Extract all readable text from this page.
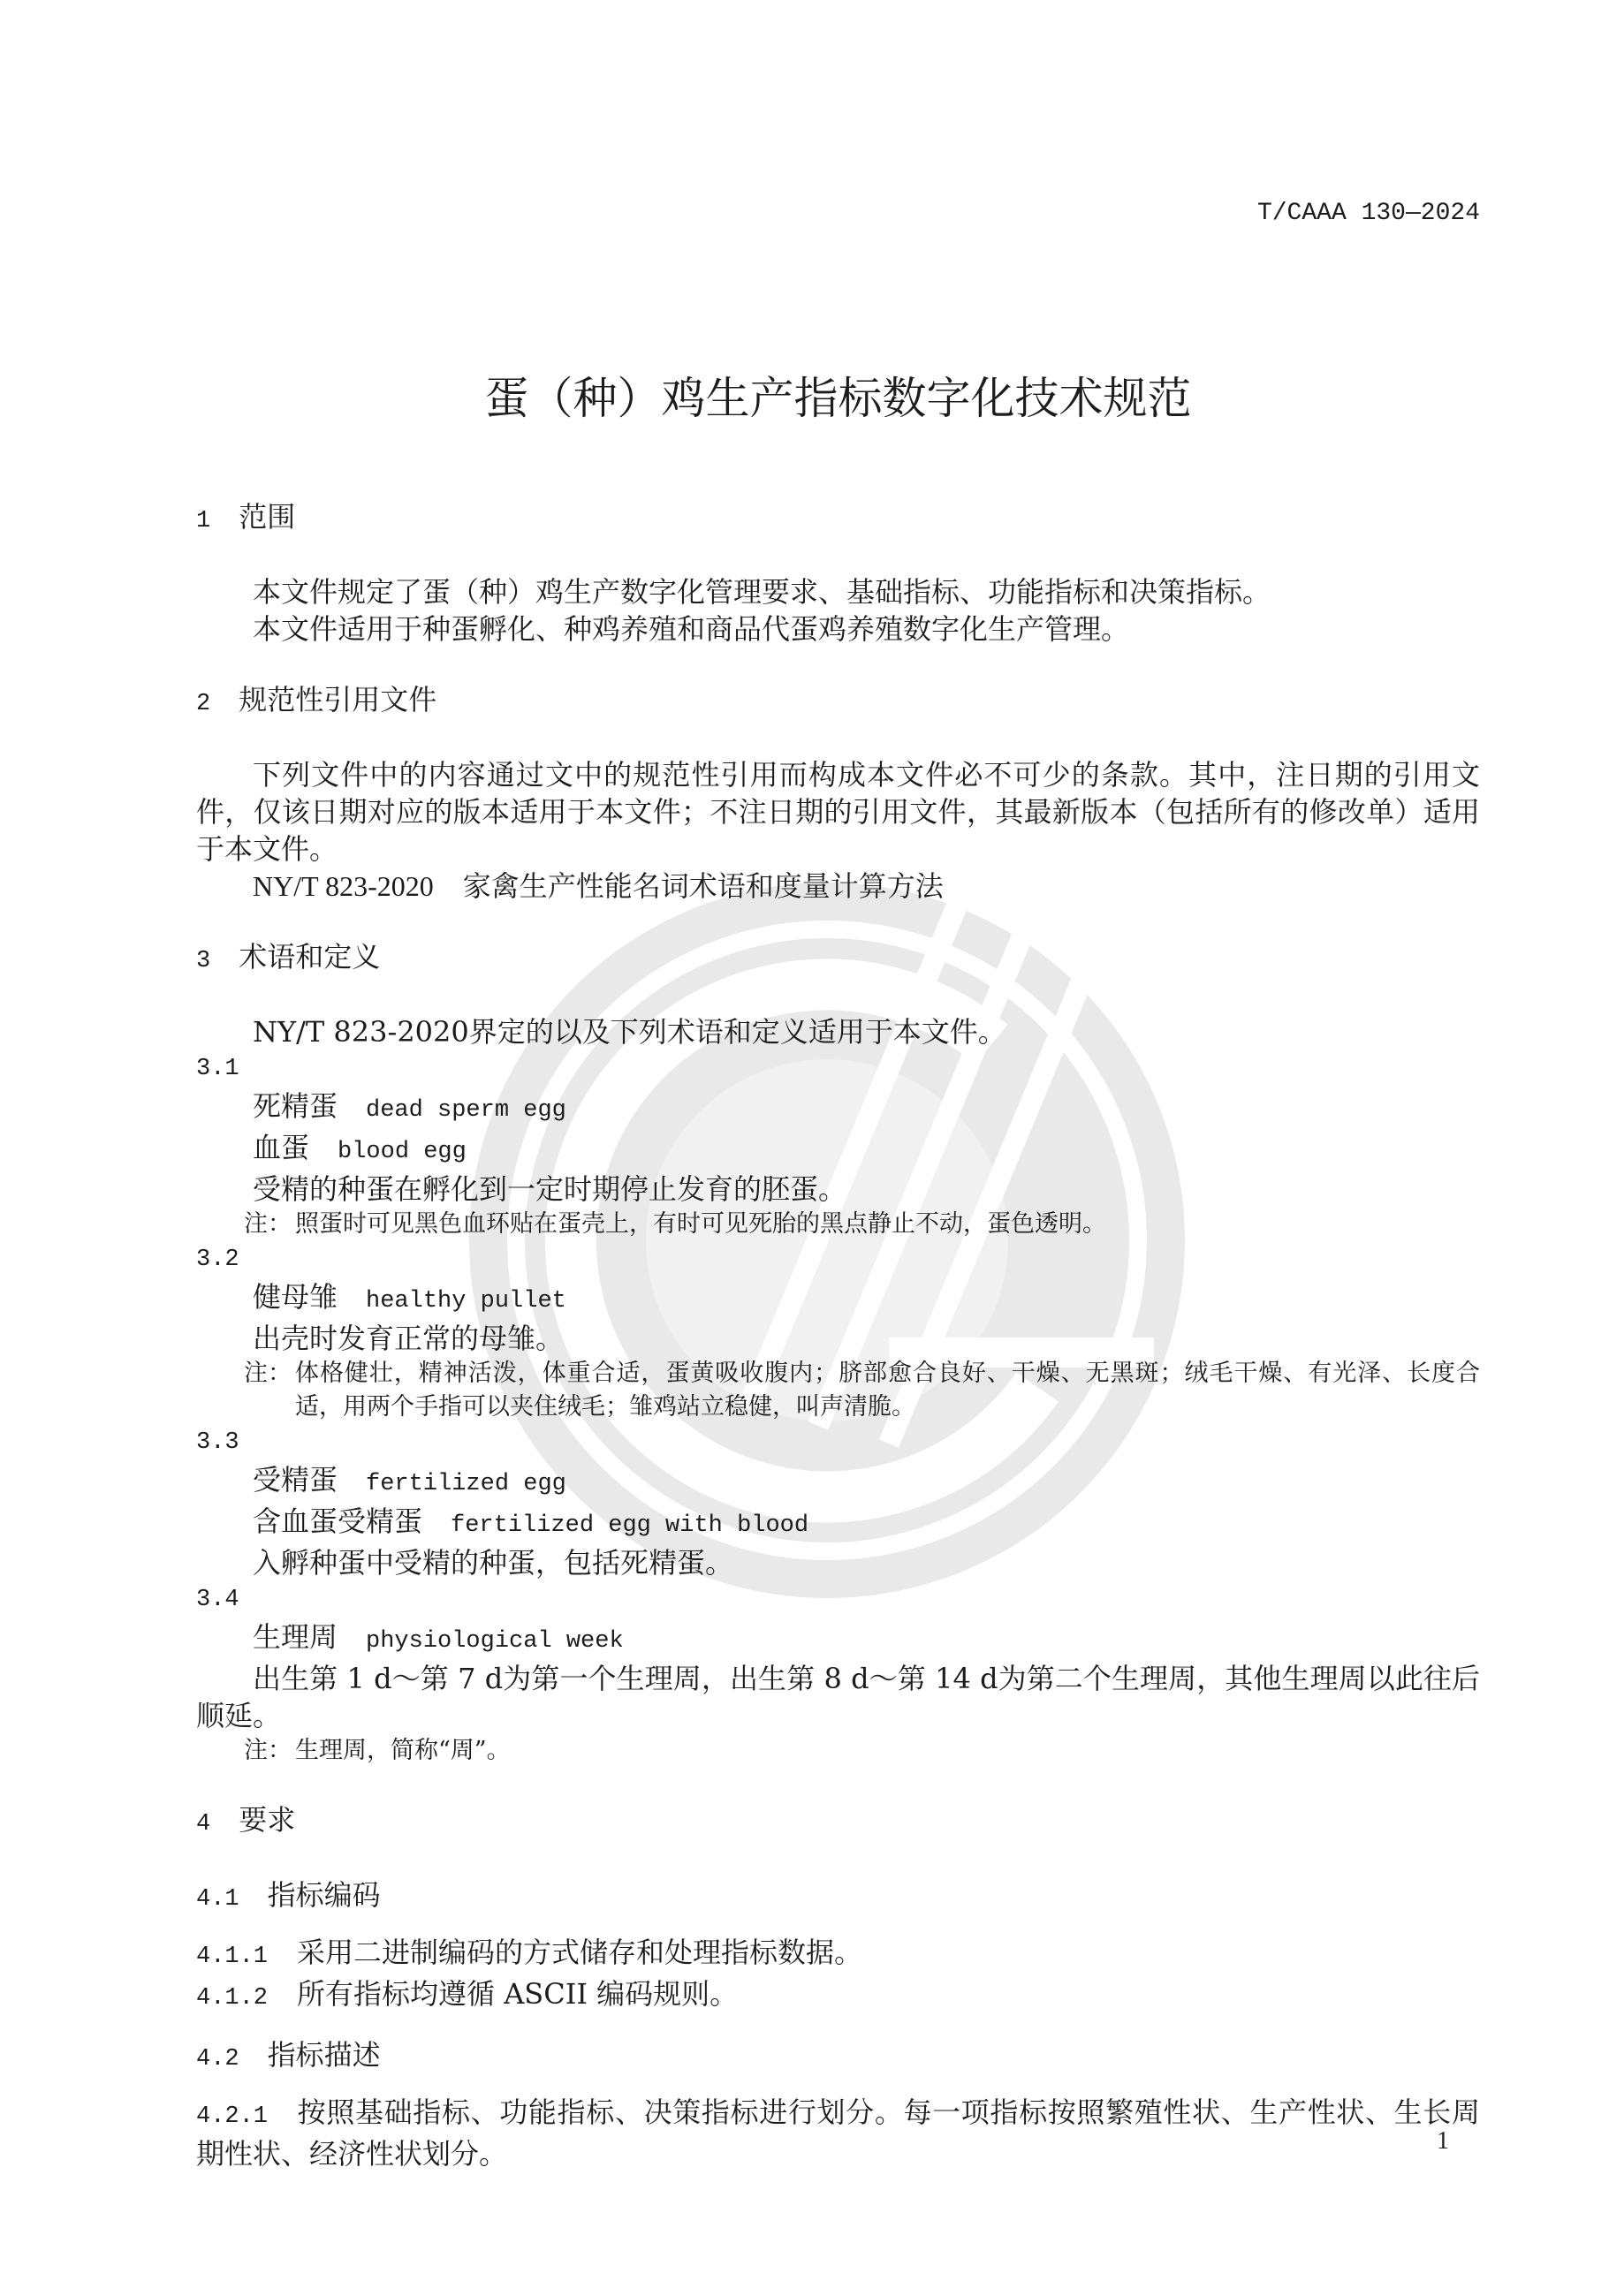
T/CAAA 130—2024
蛋（种）鸡生产指标数字化技术规范
1 范围

本文件规定了蛋（种）鸡生产数字化管理要求、基础指标、功能指标和决策指标。

本文件适用于种蛋孵化、种鸡养殖和商品代蛋鸡养殖数字化生产管理。

2 规范性引用文件

下列文件中的内容通过文中的规范性引用而构成本文件必不可少的条款。其中，注日期的引用文件，仅该日期对应的版本适用于本文件；不注日期的引用文件，其最新版本（包括所有的修改单）适用于本文件。

NY/T 823-2020 家禽生产性能名词术语和度量计算方法

3 术语和定义

NY/T 823-2020界定的以及下列术语和定义适用于本文件。

3.1

死精蛋 dead sperm egg

血蛋 blood egg

受精的种蛋在孵化到一定时期停止发育的胚蛋。

注： 照蛋时可见黑色血环贴在蛋壳上，有时可见死胎的黑点静止不动，蛋色透明。

3.2

健母雏 healthy pullet

出壳时发育正常的母雏。

注： 体格健壮，精神活泼，体重合适，蛋黄吸收腹内；脐部愈合良好、干燥、无黑斑；绒毛干燥、有光泽、长度合适，用两个手指可以夹住绒毛；雏鸡站立稳健，叫声清脆。

3.3

受精蛋 fertilized egg

含血蛋受精蛋 fertilized egg with blood

入孵种蛋中受精的种蛋，包括死精蛋。

3.4

生理周 physiological week

出生第 1 d～第 7 d为第一个生理周，出生第 8 d～第 14 d为第二个生理周，其他生理周以此往后顺延。

注： 生理周，简称“周”。
4 要求
4.1 指标编码

4.1.1 采用二进制编码的方式储存和处理指标数据。

4.1.2 所有指标均遵循 ASCII 编码规则。

4.2 指标描述

4.2.1 按照基础指标、功能指标、决策指标进行划分。每一项指标按照繁殖性状、生产性状、生长周期性状、经济性状划分。	1
